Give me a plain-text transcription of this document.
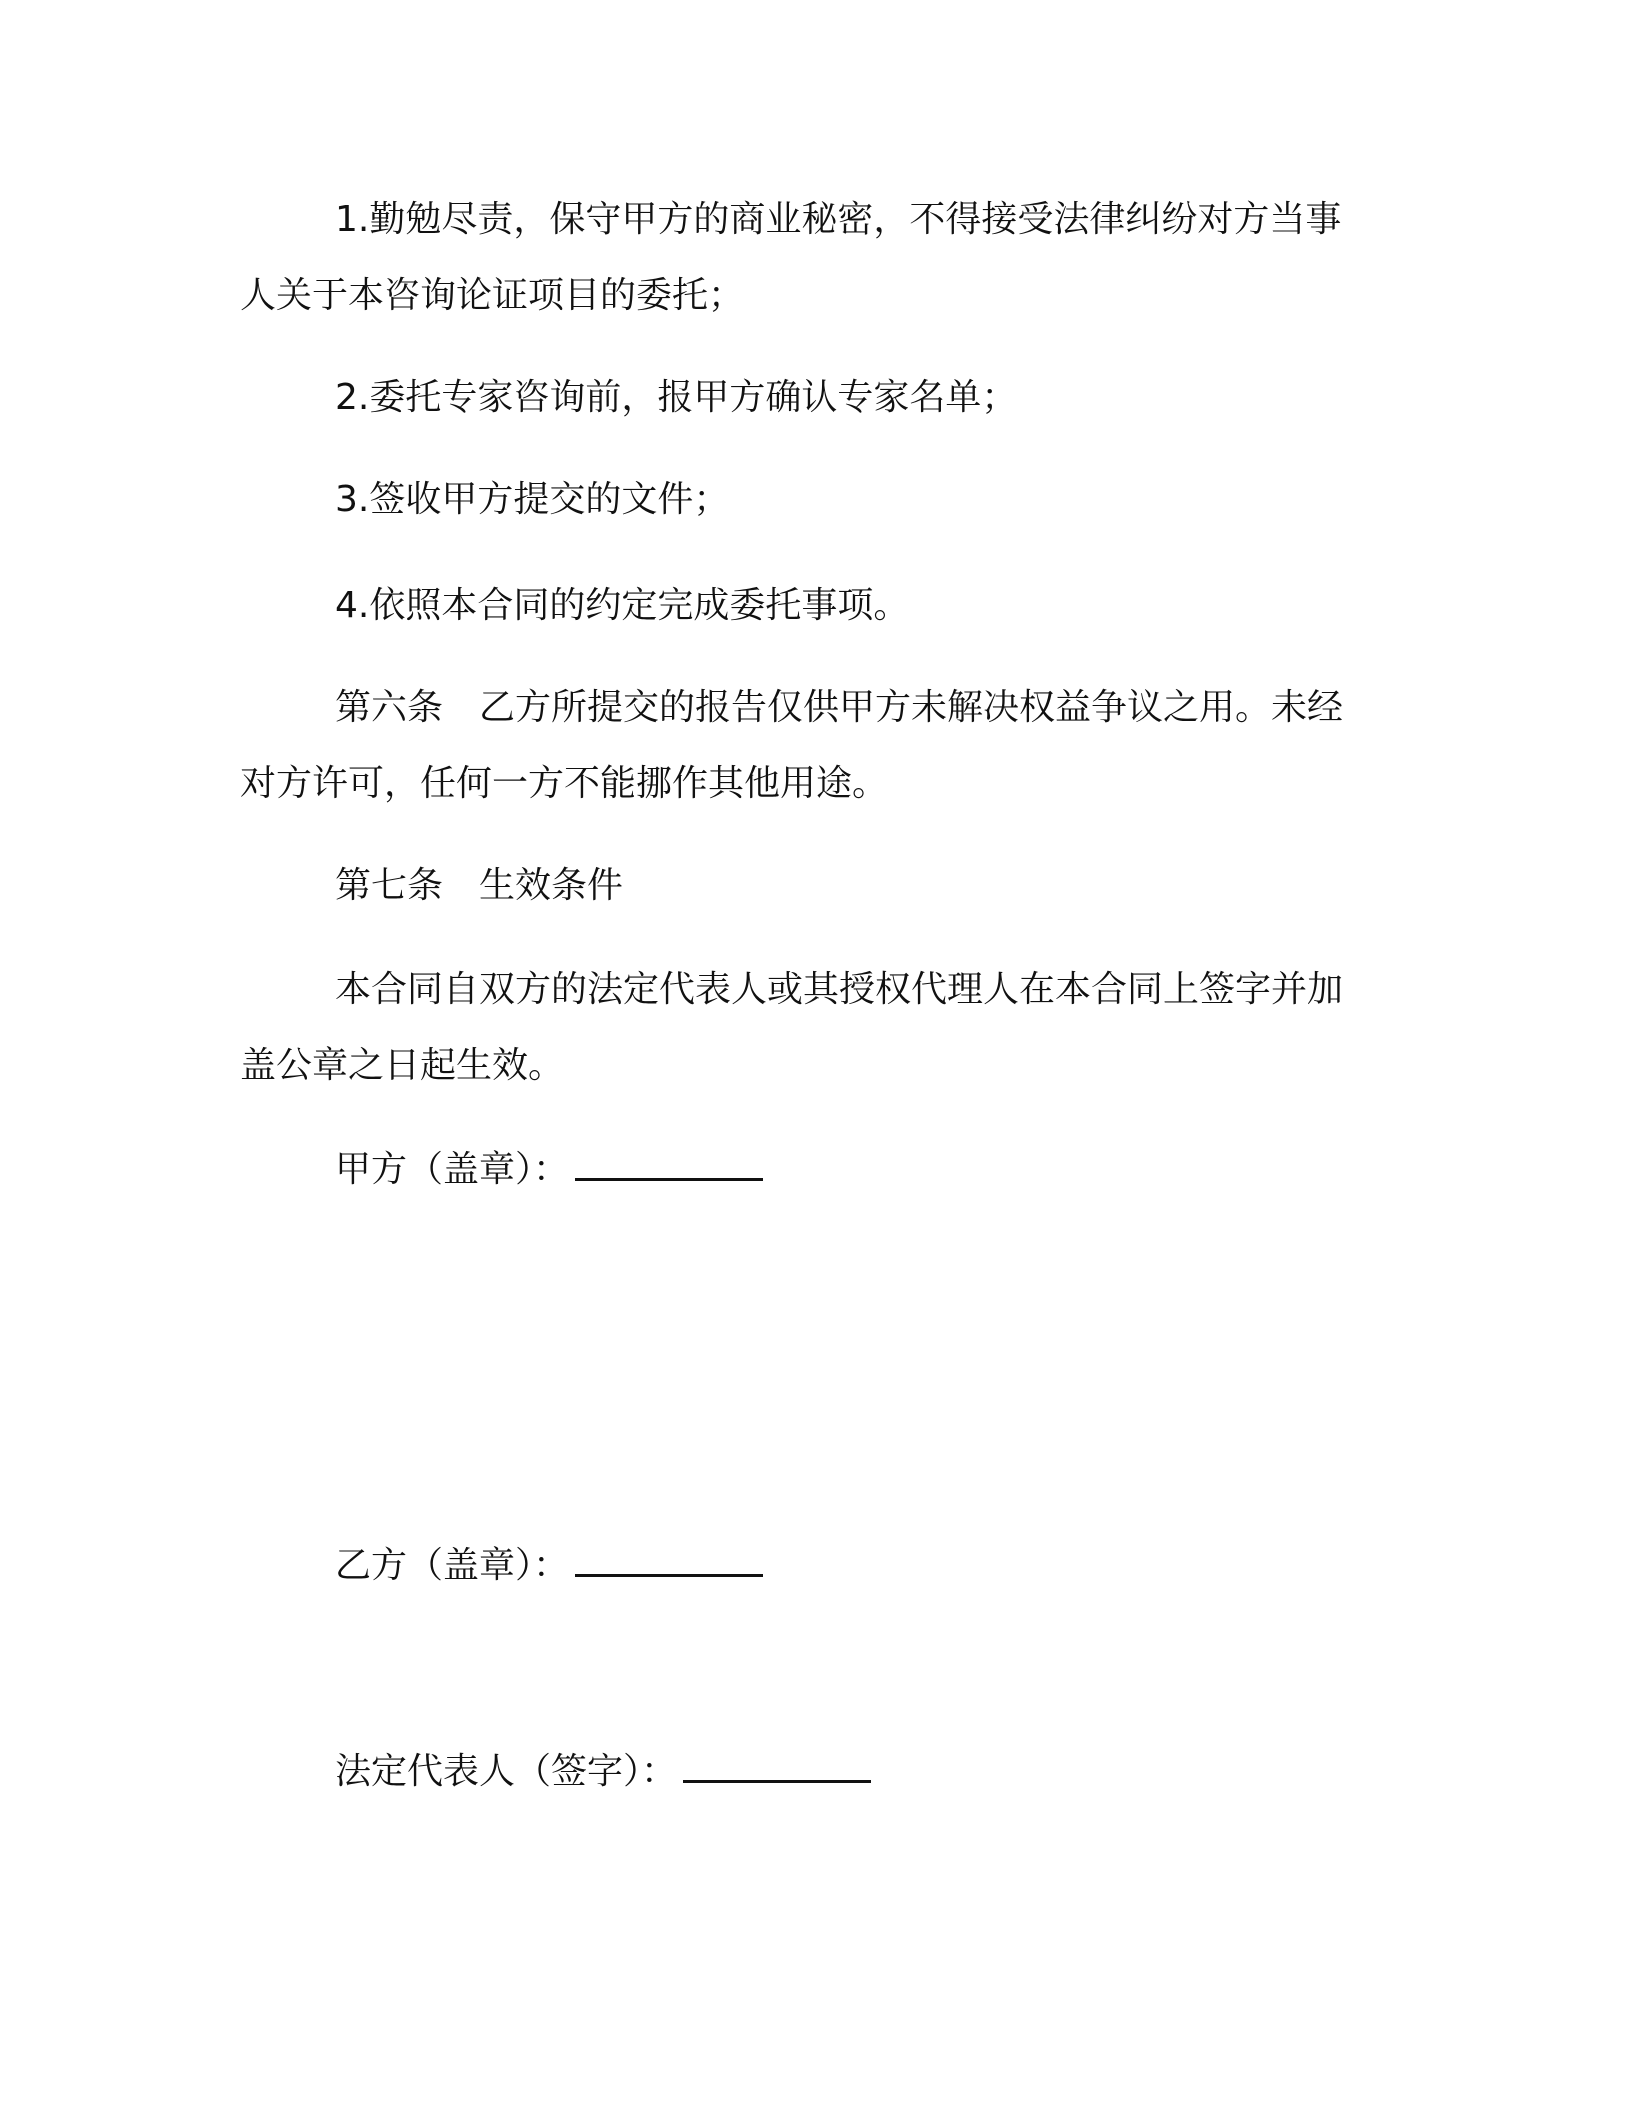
1.勤勉尽责，保守甲方的商业秘密，不得接受法律纠纷对方当事
人关于本咨询论证项目的委托；
2.委托专家咨询前，报甲方确认专家名单；
3.签收甲方提交的文件；
4.依照本合同的约定完成委托事项。
第六条　乙方所提交的报告仅供甲方未解决权益争议之用。未经
对方许可，任何一方不能挪作其他用途。
第七条　生效条件
本合同自双方的法定代表人或其授权代理人在本合同上签字并加
盖公章之日起生效。
甲方（盖章）：
乙方（盖章）：
法定代表人（签字）：
